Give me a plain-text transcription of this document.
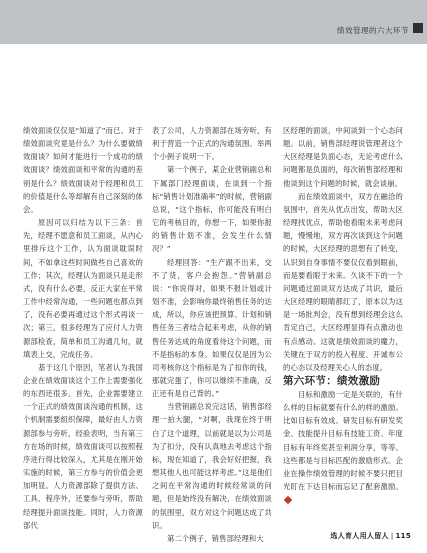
绩效管理的六大环节

绩效面谈仅仅是“知道了”而已。对于绩效面谈究竟是什么？为什么要做绩效面谈？如何才能进行一个成功的绩效面谈？绩效面谈和平常的沟通的差别是什么？绩效面谈对于经理和员工的价值是什么等却解有自己深刻的体会。

原因可以归结为以下三条：首先，经理不愿意和员工面谈，从内心里排斥这个工作，认为面谈耽误时间，不如拿这些时间做些自己喜欢的工作；其次，经理认为面谈只是走形式，没有什么必要，反正大家在平常工作中经常沟通，一些问题也都点到了，没有必要再通过这个形式再谈一次；第三，很多经理为了应付人力资源部检查，简单和员工沟通几句，就填表上交，完成任务。

基于这几个原因，笔者认为我国企业在绩效面谈这个工作上需要强化的东西还很多。首先，企业需要建立一个正式的绩效面谈沟通的机制，这个机制需要组织保障，最好由人力资源部参与旁听，经验表明，当有第三方在场的时候，绩效面谈可以按照程序进行得比较深入，尤其是在刚开始实施的时候，第三方参与的价值会更加明显。人力资源部除了提供方法、工具、程序外，还要参与旁听，帮助经理提升面谈技能。同时，人力资源部代

表了公司，人力资源部在场旁听，有利于营造一个正式的沟通氛围。举两个小例子说明一下。

第一个例子，某企业营销副总和下属部门经理面谈，在谈到一个指标“销售计划准确率”的时候，营销副总说，“这个指标，你可能没有明白它的考核目的，你想一下，如果你报的销售计划不准，会发生什么情况？”

经理回答：“生产跟不出来，交不了货，客户会抱怨。”营销副总说：“你说得对，如果不报计划或计划不准，会影响你最终销售任务的达成，所以，你应该把预算、计划和销售任务三者结合起来考虑，从你的销售任务达成的角度看待这个问题，而不是指标的本身。如果仅仅是因为公司考核你这个指标是为了扣你的钱，那就完蛋了，你可以继续不准确，反正还有是自己背的。”

当营销副总说完这话，销售部经理一拍大腿，“对啊，我现在终于明白了这个道理，以前就是以为公司是为了扣分，没有认真地去考虑这个指标，现在知道了，我会好好把握，我想其他人也可能这样考虑。”这是他们之间在平常沟通的时候经常谈的问题，但是始终没有解决，在绩效面谈的氛围里，双方对这个问题达成了共识。

第二个例子，销售部经理和大

区经理的面谈，中间谈到一个心态问题。以前，销售部经理说管理者这个大区经理是负面心态，无论考虑什么问题都是负面的，每次销售部经理和他谈到这个问题的时候，就会谈崩。

而在绩效面谈中，双方在融洽的氛围中，首先从优点出发，帮助大区经理找优点，帮助他看眼未来考虑问题，慢慢地，双方再次谈到这个问题的时候，大区经理的思想有了转变，认识到自身事情不要仅仅看到眼前，而是要看眼于未来。久谈不下的一个问题通过面谈双方达成了共识，最后大区经理的眼睛都红了，原本以为这是一场批判会，没有想到经理会这么肯定自己，大区经理显得有点激动也有点感动。这就是绩效面谈的魔力，关键在于双方的投入程度、开诚布公的心态以及经理关心人的态度。

第六环节：绩效激励

目标和激励一定是关联的，有什么样的目标就要有什么的样的激励。比如目标有效成、研发目标有研发奖金、技能提升目标有技能工资、年度目标有年终奖甚至利润分享，等等。这些都是与目标匹配的激励形式。企业在操作绩效管理的时候不要只把目光盯在下达目标而忘记了配套激励。

选人育人用人留人 | 115
